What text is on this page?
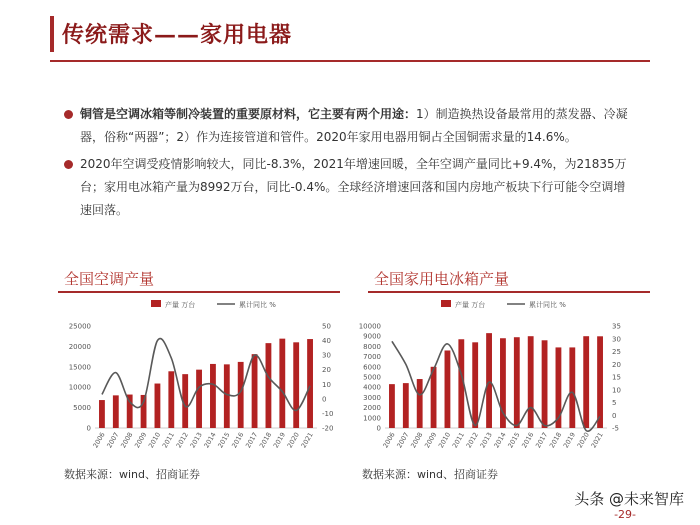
传统需求——家用电器
铜管是空调冰箱等制冷装置的重要原材料，它主要有两个用途：1）制造换热设备最常用的蒸发器、冷凝器，俗称“两器”；2）作为连接管道和管件。2020年家用电器用铜占全国铜需求量的14.6%。
2020年空调受疫情影响较大，同比-8.3%，2021年增速回暖，全年空调产量同比+9.4%，为21835万台；家用电冰箱产量为8992万台，同比-0.4%。全球经济增速回落和国内房地产板块下行可能令空调增速回落。
全国空调产量	全国家用电冰箱产量
产量 万台	累计同比 %
0
5000
10000
15000
20000
25000
-20
-10
0
10
20
30
40
50
2006
2007
2008
2009
2010
2011
2012
2013
2014
2015
2016
2017
2018
2019
2020
2021
产量 万台	累计同比 %
0
1000
2000
3000
4000
5000
6000
7000
8000
9000
10000
-5
0
5
10
15
20
25
30
35
2006
2007
2008
2009
2010
2011
2012
2013
2014
2015
2016
2017
2018
2019
2020
2021
数据来源：wind、招商证券	数据来源：wind、招商证券
头条 @未来智库
-29-
